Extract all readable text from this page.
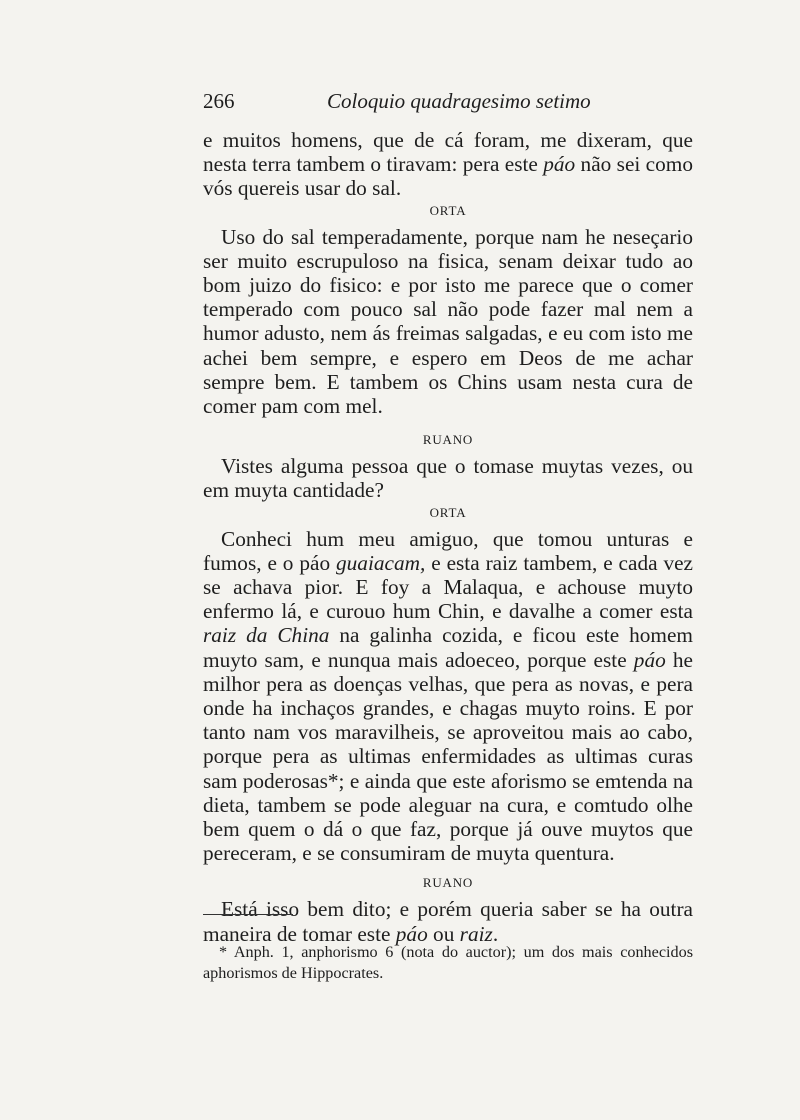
266	Coloquio quadragesimo setimo

e muitos homens, que de cá foram, me dixeram, que nesta terra tambem o tiravam: pera este páo não sei como vós quereis usar do sal.

ORTA

Uso do sal temperadamente, porque nam he neseçario ser muito escrupuloso na fisica, senam deixar tudo ao bom juizo do fisico: e por isto me parece que o comer temperado com pouco sal não pode fazer mal nem a humor adusto, nem ás freimas salgadas, e eu com isto me achei bem sempre, e espero em Deos de me achar sempre bem. E tambem os Chins usam nesta cura de comer pam com mel.

RUANO

Vistes alguma pessoa que o tomase muytas vezes, ou em muyta cantidade?

ORTA

Conheci hum meu amiguo, que tomou unturas e fumos, e o páo guaiacam, e esta raiz tambem, e cada vez se achava pior. E foy a Malaqua, e achouse muyto enfermo lá, e curouo hum Chin, e davalhe a comer esta raiz da China na galinha cozida, e ficou este homem muyto sam, e nunqua mais adoeceo, porque este páo he milhor pera as doenças velhas, que pera as novas, e pera onde ha inchaços grandes, e chagas muyto roins. E por tanto nam vos maravilheis, se aproveitou mais ao cabo, porque pera as ultimas enfermidades as ultimas curas sam poderosas*; e ainda que este aforismo se emtenda na dieta, tambem se pode aleguar na cura, e comtudo olhe bem quem o dá o que faz, porque já ouve muytos que pereceram, e se consumiram de muyta quentura.

RUANO

Está isso bem dito; e porém queria saber se ha outra maneira de tomar este páo ou raiz.

* Anph. 1, anphorismo 6 (nota do auctor); um dos mais conhecidos aphorismos de Hippocrates.
